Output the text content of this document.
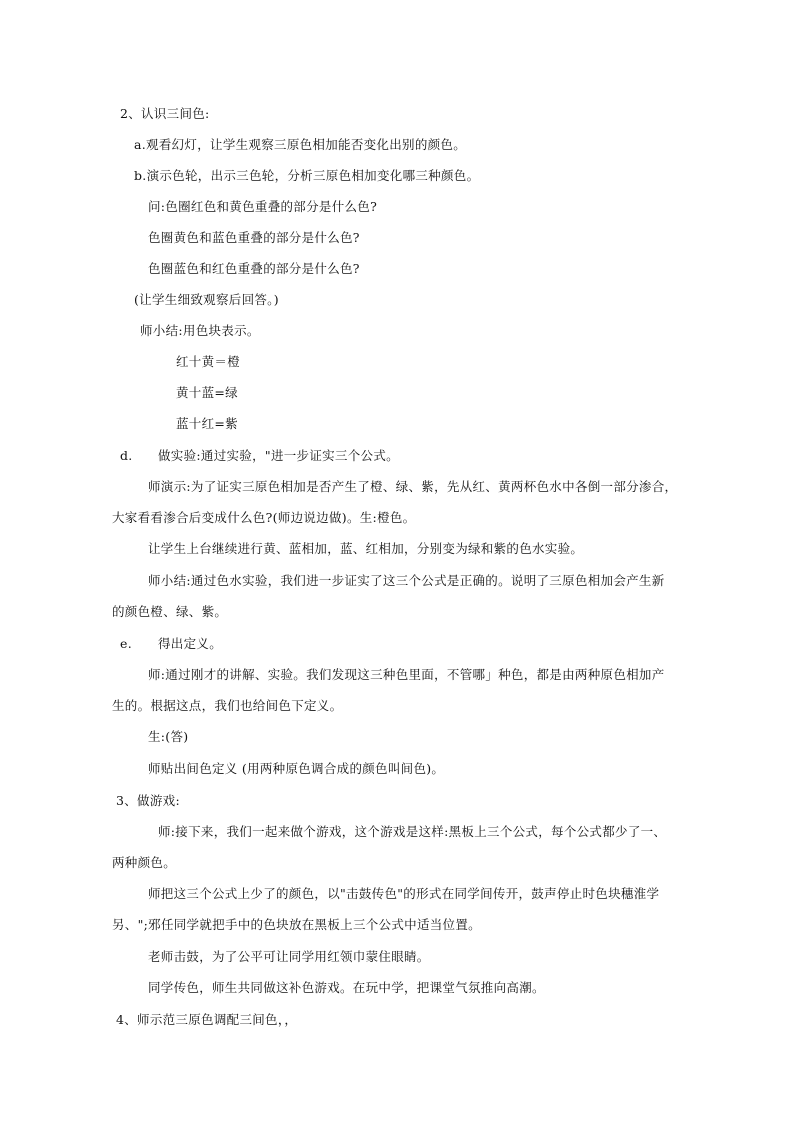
2、认识三间色:
a.观看幻灯，让学生观察三原色相加能否变化出别的颜色。
b.演示色轮，出示三色轮，分析三原色相加变化哪三种颜色。
问:色圈红色和黄色重叠的部分是什么色?
色圈黄色和蓝色重叠的部分是什么色?
色圈蓝色和红色重叠的部分是什么色?
(让学生细致观察后回答。)
师小结:用色块表示。
红十黄＝橙
黄十蓝=绿
蓝十红=紫
d. 做实验:通过实验，"进一步证实三个公式。
师演示:为了证实三原色相加是否产生了橙、绿、紫，先从红、黄两杯色水中各倒一部分渗合，
大家看看渗合后变成什么色?(师边说边做)。生:橙色。
让学生上台继续进行黄、蓝相加，蓝、红相加，分别变为绿和紫的色水实验。
师小结:通过色水实验，我们进一步证实了这三个公式是正确的。说明了三原色相加会产生新
的颜色橙、绿、紫。
e. 得出定义。
师:通过刚才的讲解、实验。我们发现这三种色里面，不管哪」种色，都是由两种原色相加产
生的。根据这点，我们也给间色下定义。
生:(答)
师贴出间色定义 (用两种原色调合成的颜色叫间色)。
3、做游戏:
师:接下来，我们一起来做个游戏，这个游戏是这样:黑板上三个公式，每个公式都少了一、
两种颜色。
师把这三个公式上少了的颜色，以"击鼓传色"的形式在同学间传开，鼓声停止时色块穗淮学
另、";邪任同学就把手中的色块放在黑板上三个公式中适当位置。
老师击鼓，为了公平可让同学用红领巾蒙住眼睛。
同学传色，师生共同做这补色游戏。在玩中学，把课堂气氛推向高潮。
4、师示范三原色调配三间色，，
